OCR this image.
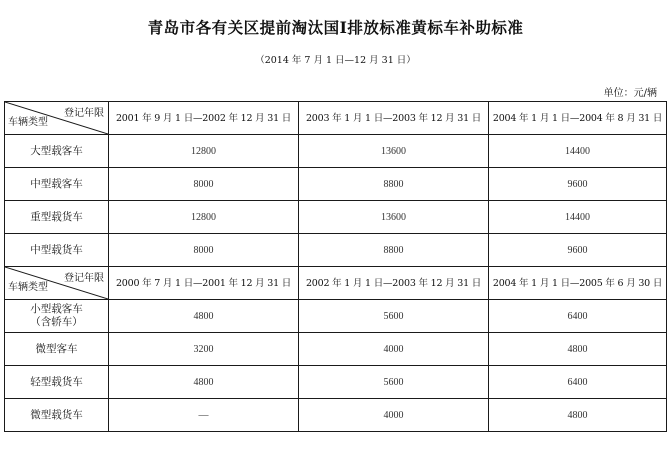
青岛市各有关区提前淘汰国Ⅰ排放标准黄标车补助标准
（2014 年 7 月 1 日—12 月 31 日）
单位：元/辆
登记年限
车辆类型	2001 年 9 月 1 日—2002 年 12 月 31 日	2003 年 1 月 1 日—2003 年 12 月 31 日	2004 年 1 月 1 日—2004 年 8 月 31 日
大型载客车	12800	13600	14400
中型载客车	8000	8800	9600
重型载货车	12800	13600	14400
中型载货车	8000	8800	9600

登记年限
车辆类型	2000 年 7 月 1 日—2001 年 12 月 31 日	2002 年 1 月 1 日—2003 年 12 月 31 日	2004 年 1 月 1 日—2005 年 6 月 30 日

小型载客车
（含轿车）	4800	5600	6400
微型客车	3200	4000	4800
轻型载货车	4800	5600	6400
微型载货车	—	4000	4800
